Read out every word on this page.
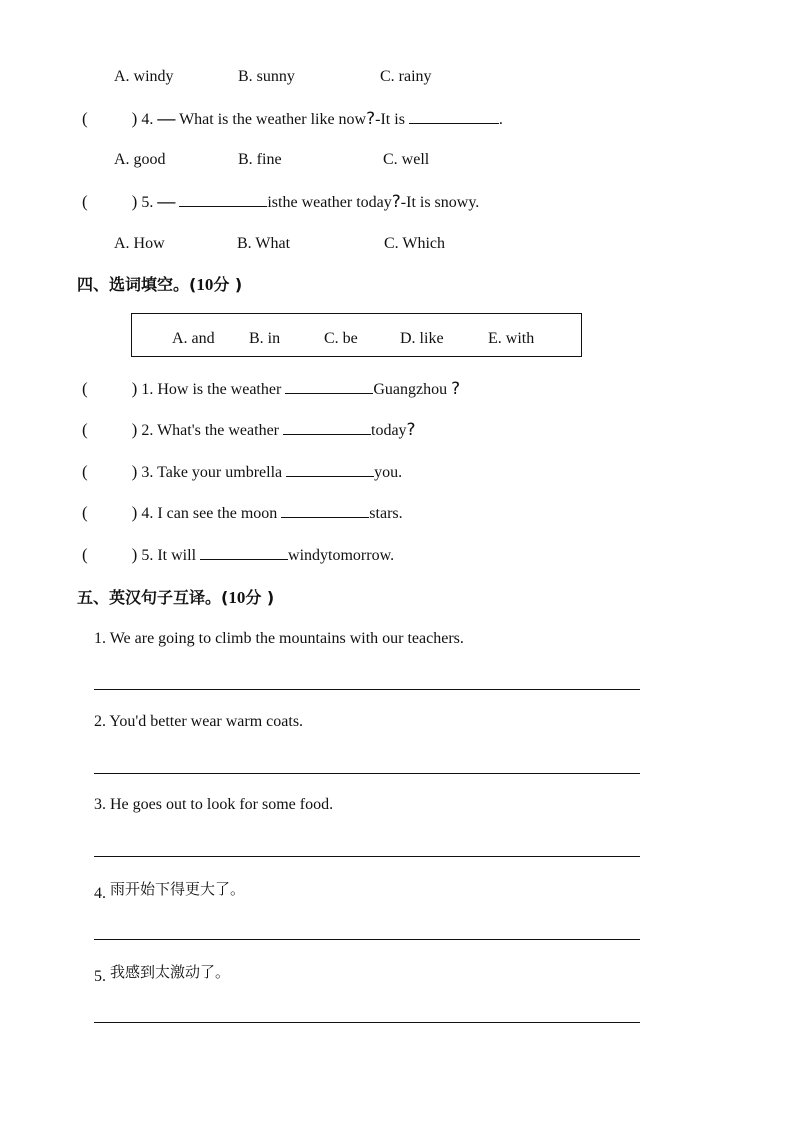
A. windy	B. sunny	C. rainy
(	) 4. — What is the weather like now?-It is	.
A. good	B. fine	C. well
(	) 5. —	isthe weather today?-It is snowy.
A. How	B. What	C. Which
四、选词填空。(10分 )
A. and B. in	C. be	D. like	E. with
(	) 1. How is the weather	Guangzhou ?
(	) 2. What's the weather	today?
(	) 3. Take your umbrella	you.
(	) 4. I can see the moon	stars.
(	) 5. It will	windytomorrow.
五、英汉句子互译。(10分 )
1. We are going to climb the mountains with our teachers.
2. You'd better wear warm coats.
3. He goes out to look for some food.
4. 雨开始下得更大了。
5. 我感到太激动了。
